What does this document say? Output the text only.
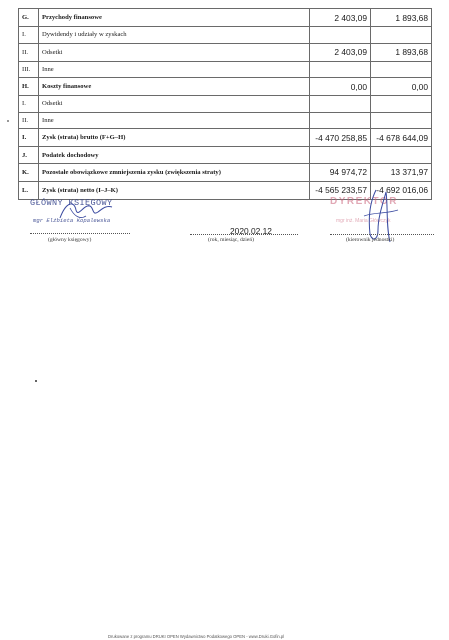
G.	Przychody finansowe	2 403,09	1 893,68
I.	Dywidendy i udziały w zyskach
II.	Odsetki	2 403,09	1 893,68
III.	Inne
H.	Koszty finansowe	0,00	0,00
I.	Odsetki
II.	Inne
I.	Zysk (strata) brutto (F+G–H)	-4 470 258,85	-4 678 644,09
J.	Podatek dochodowy
K.	Pozostałe obowiązkowe zmniejszenia zysku (zwiększenia straty)	94 974,72	13 371,97
L.	Zysk (strata) netto (I–J–K)	-4 565 233,57	-4 692 016,06
GŁÓWNY KSIĘGOWY
mgr Elżbieta Kopalewska
(główny księgowy)
2020.02.12
(rok, miesiąc, dzień)
DYREKTOR
mgr inż. Maria Główczyk
(kierownik jednostki)
Drukowane z programu DRUKI OPEN Wydawnictwo Podatkowego OPEN - www.Druki.Gofin.pl
